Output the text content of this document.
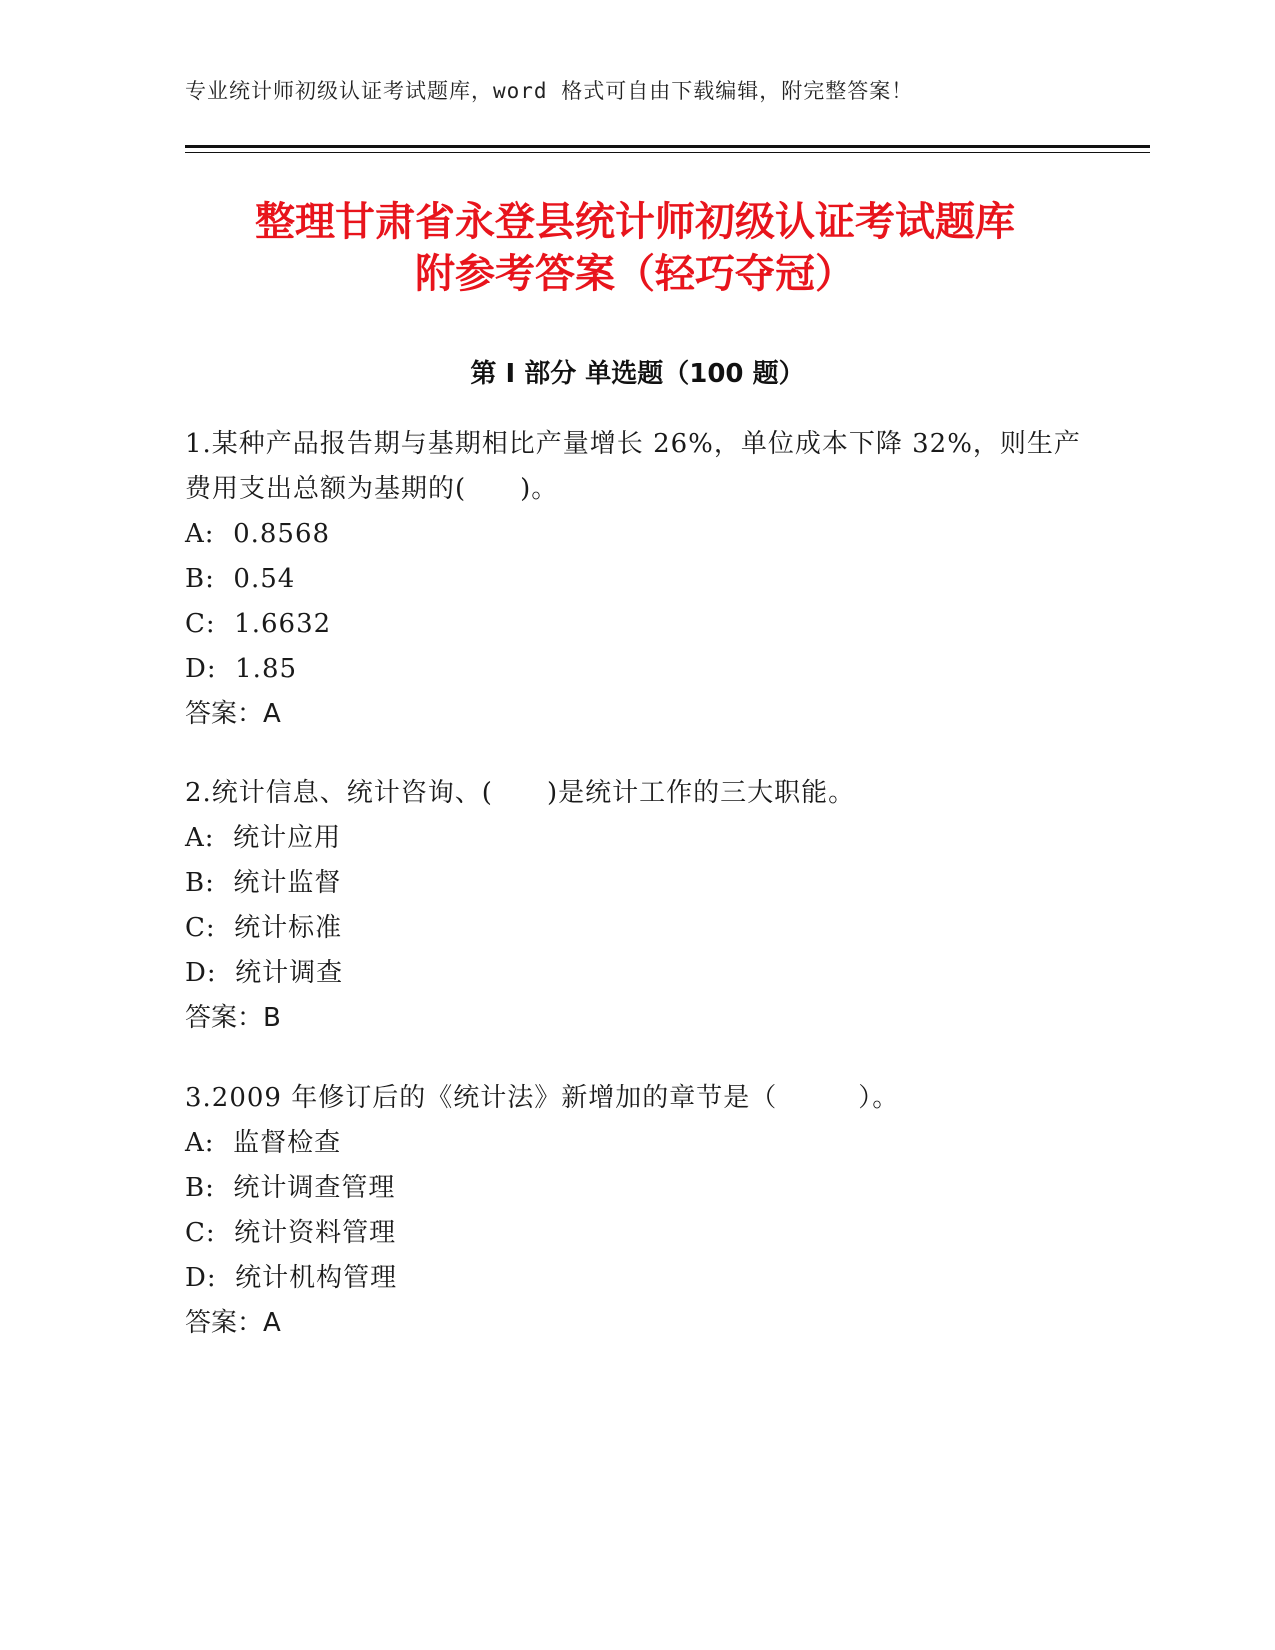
专业统计师初级认证考试题库，word 格式可自由下载编辑，附完整答案！
整理甘肃省永登县统计师初级认证考试题库
附参考答案（轻巧夺冠）
第 I 部分 单选题（100 题）

1.某种产品报告期与基期相比产量增长 26%，单位成本下降 32%，则生产费用支出总额为基期的(　　)。

A:  0.8568

B:  0.54

C:  1.6632

D:  1.85

答案：A

2.统计信息、统计咨询、(　　)是统计工作的三大职能。

A:  统计应用

B:  统计监督

C:  统计标准

D:  统计调查

答案：B

3.2009 年修订后的《统计法》新增加的章节是（　　　）。

A:  监督检查

B:  统计调查管理

C:  统计资料管理

D:  统计机构管理

答案：A
